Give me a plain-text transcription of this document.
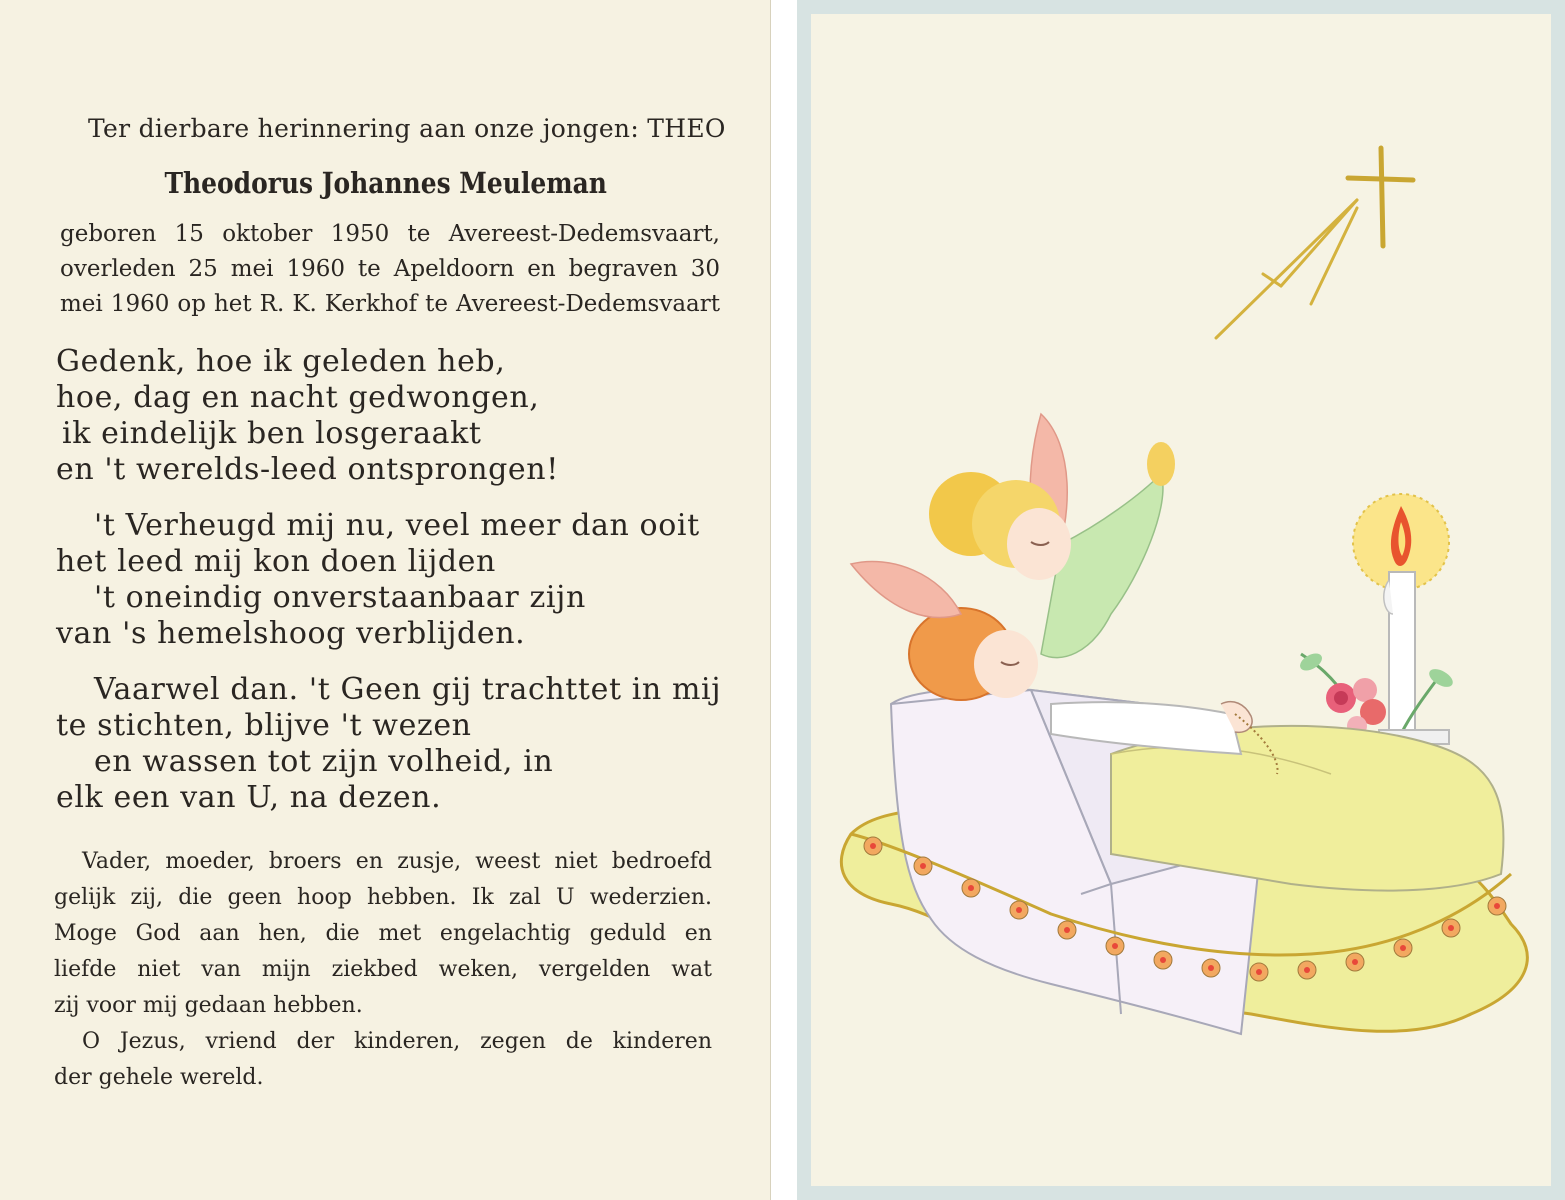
Ter dierbare herinnering aan onze jongen: THEO
Theodorus Johannes Meuleman
geboren 15 oktober 1950 te Avereest-Dedemsvaart,
overleden 25 mei 1960 te Apeldoorn en begraven 30
mei 1960 op het R. K. Kerkhof te Avereest-Dedemsvaart
Gedenk, hoe ik geleden heb,
hoe, dag en nacht gedwongen,
ik eindelijk ben losgeraakt
en 't werelds-leed ontsprongen!
't Verheugd mij nu, veel meer dan ooit
het leed mij kon doen lijden
't oneindig onverstaanbaar zijn
van 's hemelshoog verblijden.
Vaarwel dan. 't Geen gij trachttet in mij
te stichten, blijve 't wezen
en wassen tot zijn volheid, in
elk een van U, na dezen.
Vader, moeder, broers en zusje, weest niet bedroefd
gelijk zij, die geen hoop hebben. Ik zal U wederzien.
Moge God aan hen, die met engelachtig geduld en
liefde niet van mijn ziekbed weken, vergelden wat
zij voor mij gedaan hebben.
O Jezus, vriend der kinderen, zegen de kinderen
der gehele wereld.
